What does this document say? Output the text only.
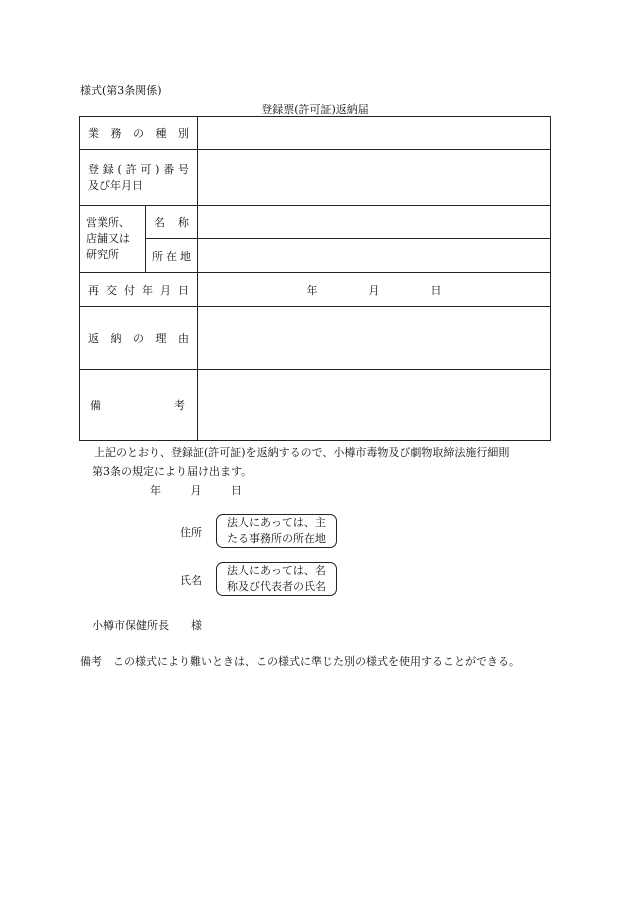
様式(第3条関係)
登録票(許可証)返納届
業務の種別		

登録(許可)番号
及び年月日		

営業所、
店舗又は
研究所	名称	

	所在地	

再交付年月日		年 月 日

返納の理由		

備 考		

上記のとおり、登録証(許可証)を返納するので、小樽市毒物及び劇物取締法施行細則
第3条の規定により届け出ます。
年	月	日
住所
法人にあっては、主
たる事務所の所在地
氏名
法人にあっては、名
称及び代表者の氏名
小樽市保健所長　　様
備考　この様式により難いときは、この様式に準じた別の様式を使用することができる。
